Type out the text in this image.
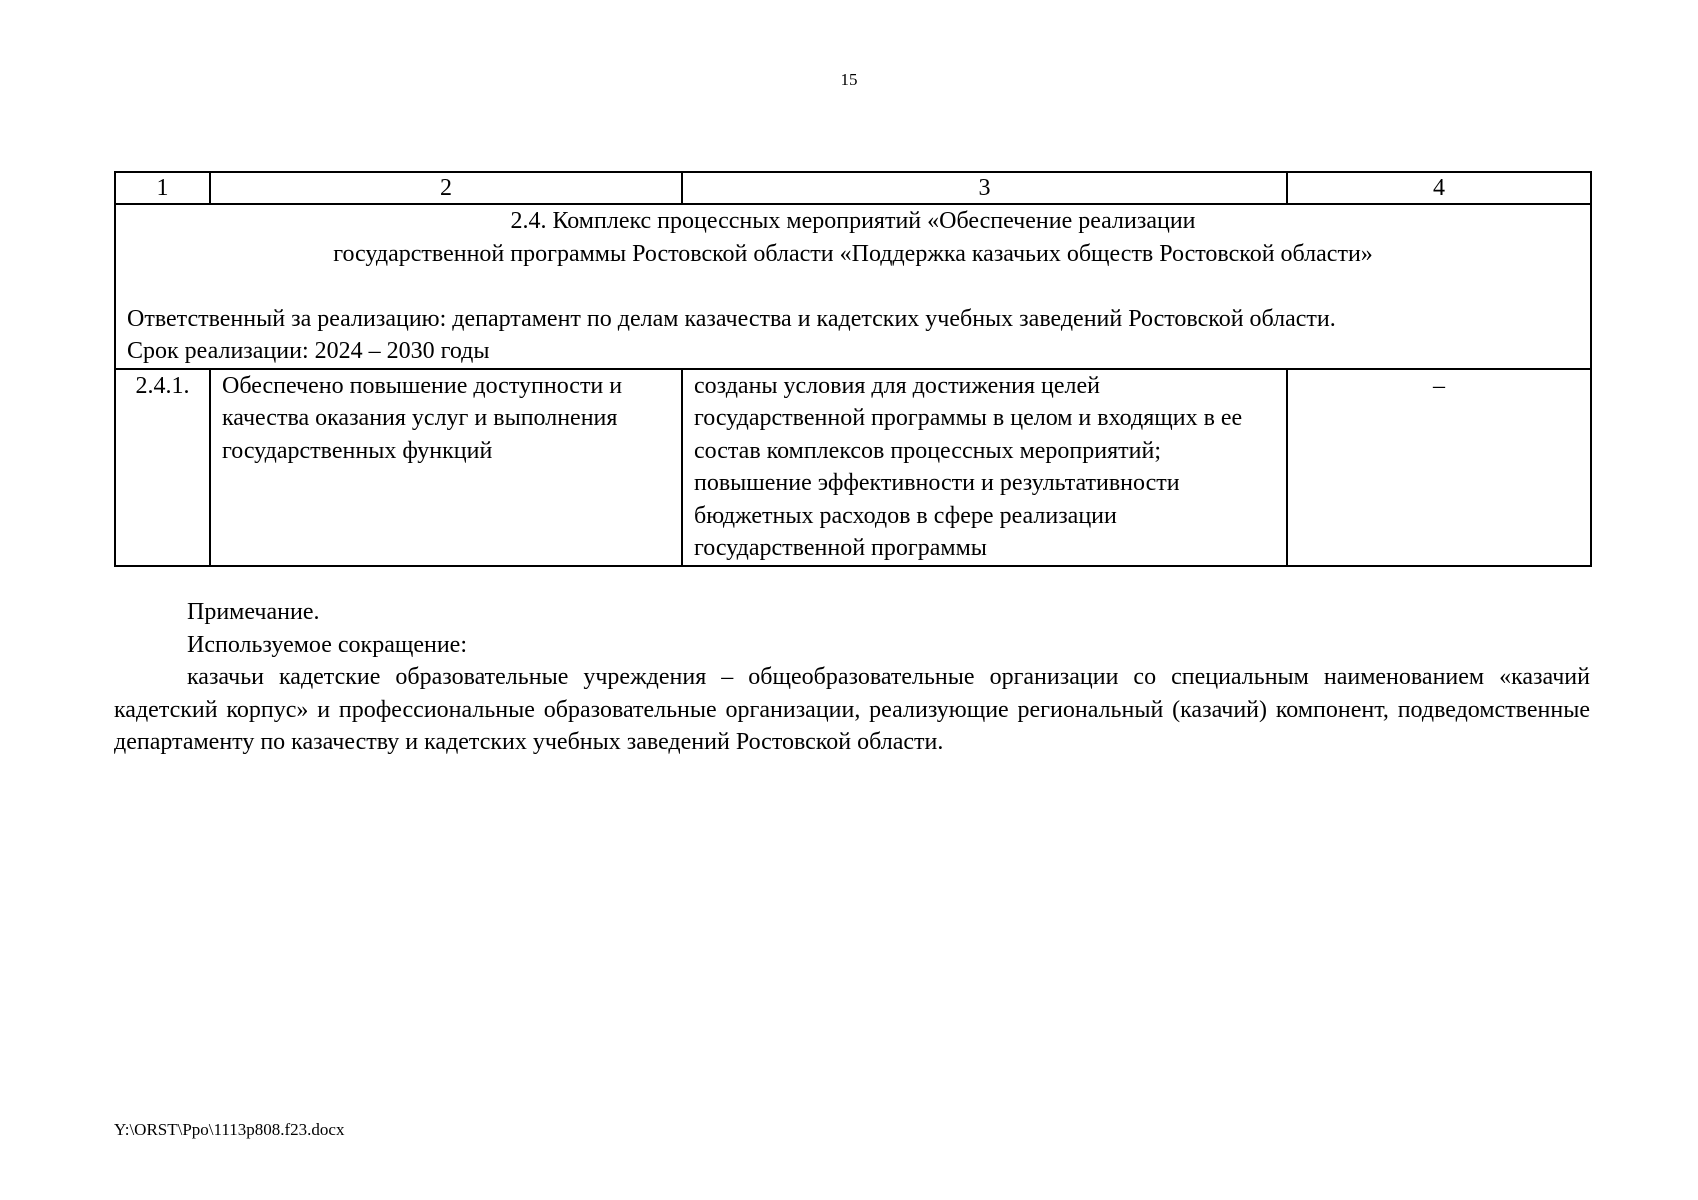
15
1	2	3	4

2.4. Комплекс процессных мероприятий «Обеспечение реализации
государственной программы Ростовской области «Поддержка казачьих обществ Ростовской области»
Ответственный за реализацию: департамент по делам казачества и кадетских учебных заведений Ростовской области.
Срок реализации: 2024 – 2030 годы			

2.4.1.	Обеспечено повышение доступности и качества оказания услуг и выполнения государственных функций	созданы условия для достижения целей государственной программы в целом и входящих в ее состав комплексов процессных мероприятий; повышение эффективности и результативности бюджетных расходов в сфере реализации государственной программы	–

Примечание.

Используемое сокращение:

казачьи кадетские образовательные учреждения – общеобразовательные организации со специальным наименованием «казачий кадетский корпус» и профессиональные образовательные организации, реализующие региональный (казачий) компонент, подведомственные департаменту по казачеству и кадетских учебных заведений Ростовской области.

Y:\ORST\Ppo\1113p808.f23.docx
